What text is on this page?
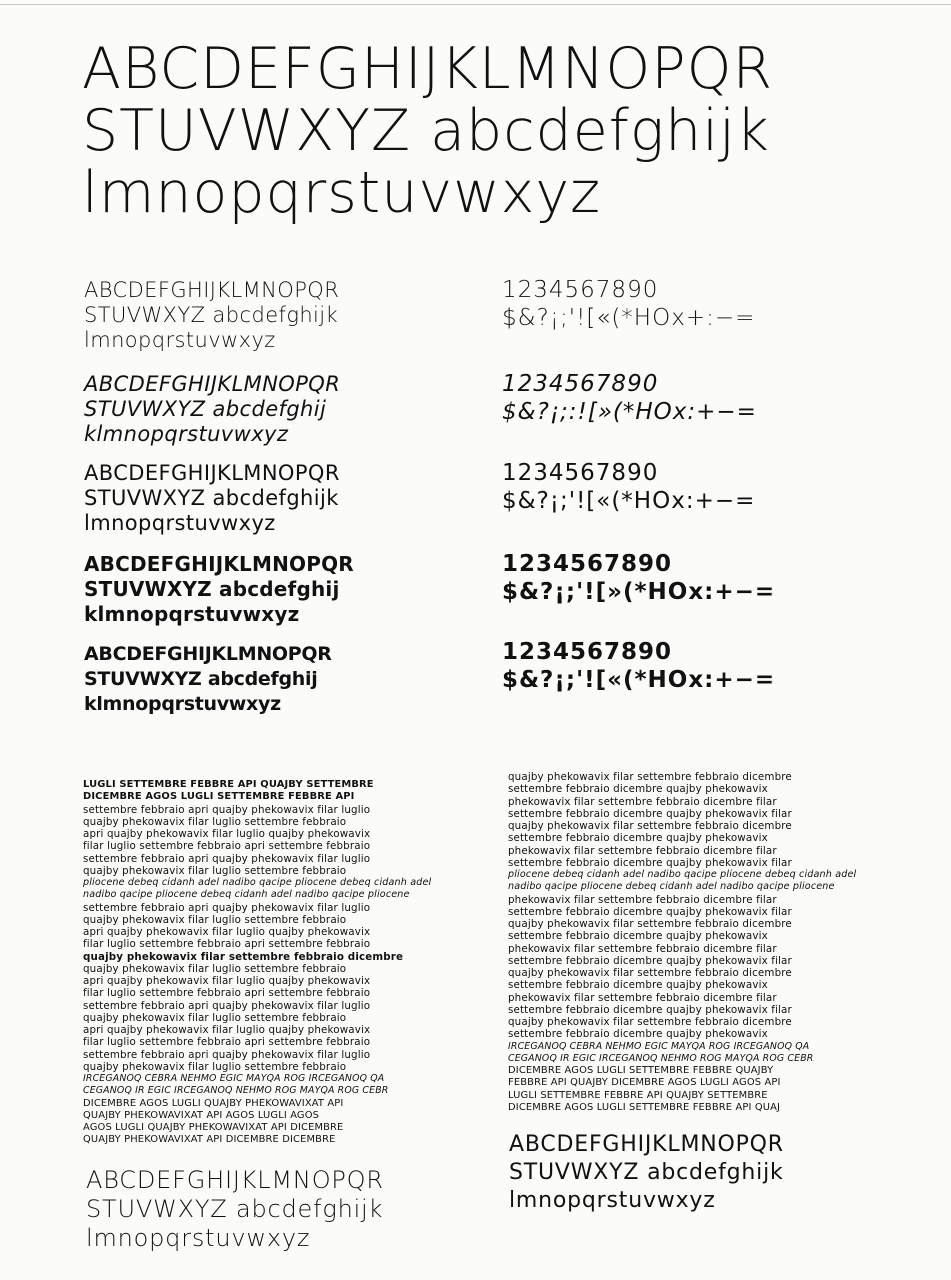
ABCDEFGHIJKLMNOPQR
STUVWXYZ abcdefghijk
lmnopqrstuvwxyz
ABCDEFGHIJKLMNOPQR
STUVWXYZ abcdefghijk
lmnopqrstuvwxyz
1234567890
$&?¡;'![«(*HOx+:−=
ABCDEFGHIJKLMNOPQR
STUVWXYZ abcdefghij
klmnopqrstuvwxyz
1234567890
$&?¡;:![»(*HOx:+−=
ABCDEFGHIJKLMNOPQR
STUVWXYZ abcdefghijk
lmnopqrstuvwxyz
1234567890
$&?¡;'![«(*HOx:+−=
ABCDEFGHIJKLMNOPQR
STUVWXYZ abcdefghij
klmnopqrstuvwxyz
1234567890
$&?¡;'![»(*HOx:+−=
ABCDEFGHIJKLMNOPQR
STUVWXYZ abcdefghij
klmnopqrstuvwxyz
1234567890
$&?¡;'![«(*HOx:+−=
LUGLI SETTEMBRE FEBBRE API QUAJBY SETTEMBRE
DICEMBRE AGOS LUGLI SETTEMBRE FEBBRE API
settembre febbraio apri quajby phekowavix filar luglio
quajby phekowavix filar luglio settembre febbraio
apri quajby phekowavix filar luglio quajby phekowavix
filar luglio settembre febbraio apri settembre febbraio
settembre febbraio apri quajby phekowavix filar luglio
quajby phekowavix filar luglio settembre febbraio
pliocene debeq cidanh adel nadibo qacipe pliocene debeq cidanh adel
nadibo qacipe pliocene debeq cidanh adel nadibo qacipe pliocene
settembre febbraio apri quajby phekowavix filar luglio
quajby phekowavix filar luglio settembre febbraio
apri quajby phekowavix filar luglio quajby phekowavix
filar luglio settembre febbraio apri settembre febbraio
quajby phekowavix filar settembre febbraio dicembre
quajby phekowavix filar luglio settembre febbraio
apri quajby phekowavix filar luglio quajby phekowavix
filar luglio settembre febbraio apri settembre febbraio
settembre febbraio apri quajby phekowavix filar luglio
quajby phekowavix filar luglio settembre febbraio
apri quajby phekowavix filar luglio quajby phekowavix
filar luglio settembre febbraio apri settembre febbraio
settembre febbraio apri quajby phekowavix filar luglio
quajby phekowavix filar luglio settembre febbraio
IRCEGANOQ CEBRA NEHMO EGIC MAYQA ROG IRCEGANOQ QA
CEGANOQ IR EGIC IRCEGANOQ NEHMO ROG MAYQA ROG CEBR
DICEMBRE AGOS LUGLI QUAJBY PHEKOWAVIXAT API
QUAJBY PHEKOWAVIXAT API AGOS LUGLI AGOS
AGOS LUGLI QUAJBY PHEKOWAVIXAT API DICEMBRE
QUAJBY PHEKOWAVIXAT API DICEMBRE DICEMBRE
quajby phekowavix filar settembre febbraio dicembre
settembre febbraio dicembre quajby phekowavix
phekowavix filar settembre febbraio dicembre filar
settembre febbraio dicembre quajby phekowavix filar
quajby phekowavix filar settembre febbraio dicembre
settembre febbraio dicembre quajby phekowavix
phekowavix filar settembre febbraio dicembre filar
settembre febbraio dicembre quajby phekowavix filar
pliocene debeq cidanh adel nadibo qacipe pliocene debeq cidanh adel
nadibo qacipe pliocene debeq cidanh adel nadibo qacipe pliocene
phekowavix filar settembre febbraio dicembre filar
settembre febbraio dicembre quajby phekowavix filar
quajby phekowavix filar settembre febbraio dicembre
settembre febbraio dicembre quajby phekowavix
phekowavix filar settembre febbraio dicembre filar
settembre febbraio dicembre quajby phekowavix filar
quajby phekowavix filar settembre febbraio dicembre
settembre febbraio dicembre quajby phekowavix
phekowavix filar settembre febbraio dicembre filar
settembre febbraio dicembre quajby phekowavix filar
quajby phekowavix filar settembre febbraio dicembre
settembre febbraio dicembre quajby phekowavix
IRCEGANOQ CEBRA NEHMO EGIC MAYQA ROG IRCEGANOQ QA
CEGANOQ IR EGIC IRCEGANOQ NEHMO ROG MAYQA ROG CEBR
DICEMBRE AGOS LUGLI SETTEMBRE FEBBRE QUAJBY
FEBBRE API QUAJBY DICEMBRE AGOS LUGLI AGOS API
LUGLI SETTEMBRE FEBBRE API QUAJBY SETTEMBRE
DICEMBRE AGOS LUGLI SETTEMBRE FEBBRE API QUAJ
ABCDEFGHIJKLMNOPQR
STUVWXYZ abcdefghijk
lmnopqrstuvwxyz
ABCDEFGHIJKLMNOPQR
STUVWXYZ abcdefghijk
lmnopqrstuvwxyz
